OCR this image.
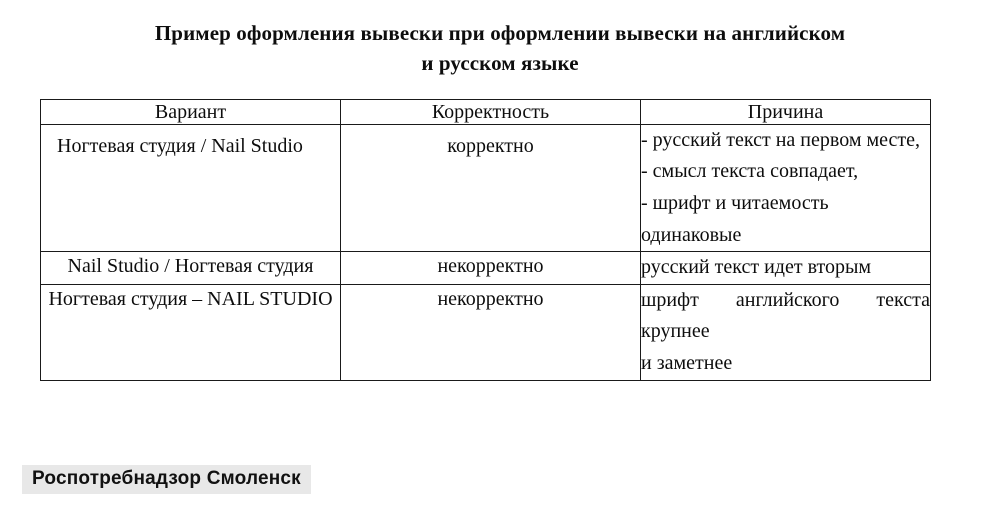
Пример оформления вывески при оформлении вывески на английском и русском языке
Вариант	Корректность	Причина
Ногтевая студия / Nail Studio	корректно	- русский текст на первом месте,

- смысл текста совпадает,

- шрифт и читаемость одинаковые

Nail Studio / Ногтевая студия	некорректно	русский текст идет вторым

Ногтевая студия – NAIL STUDIO	некорректно	шрифт английского текста крупнее

и заметнее

Роспотребнадзор Смоленск
